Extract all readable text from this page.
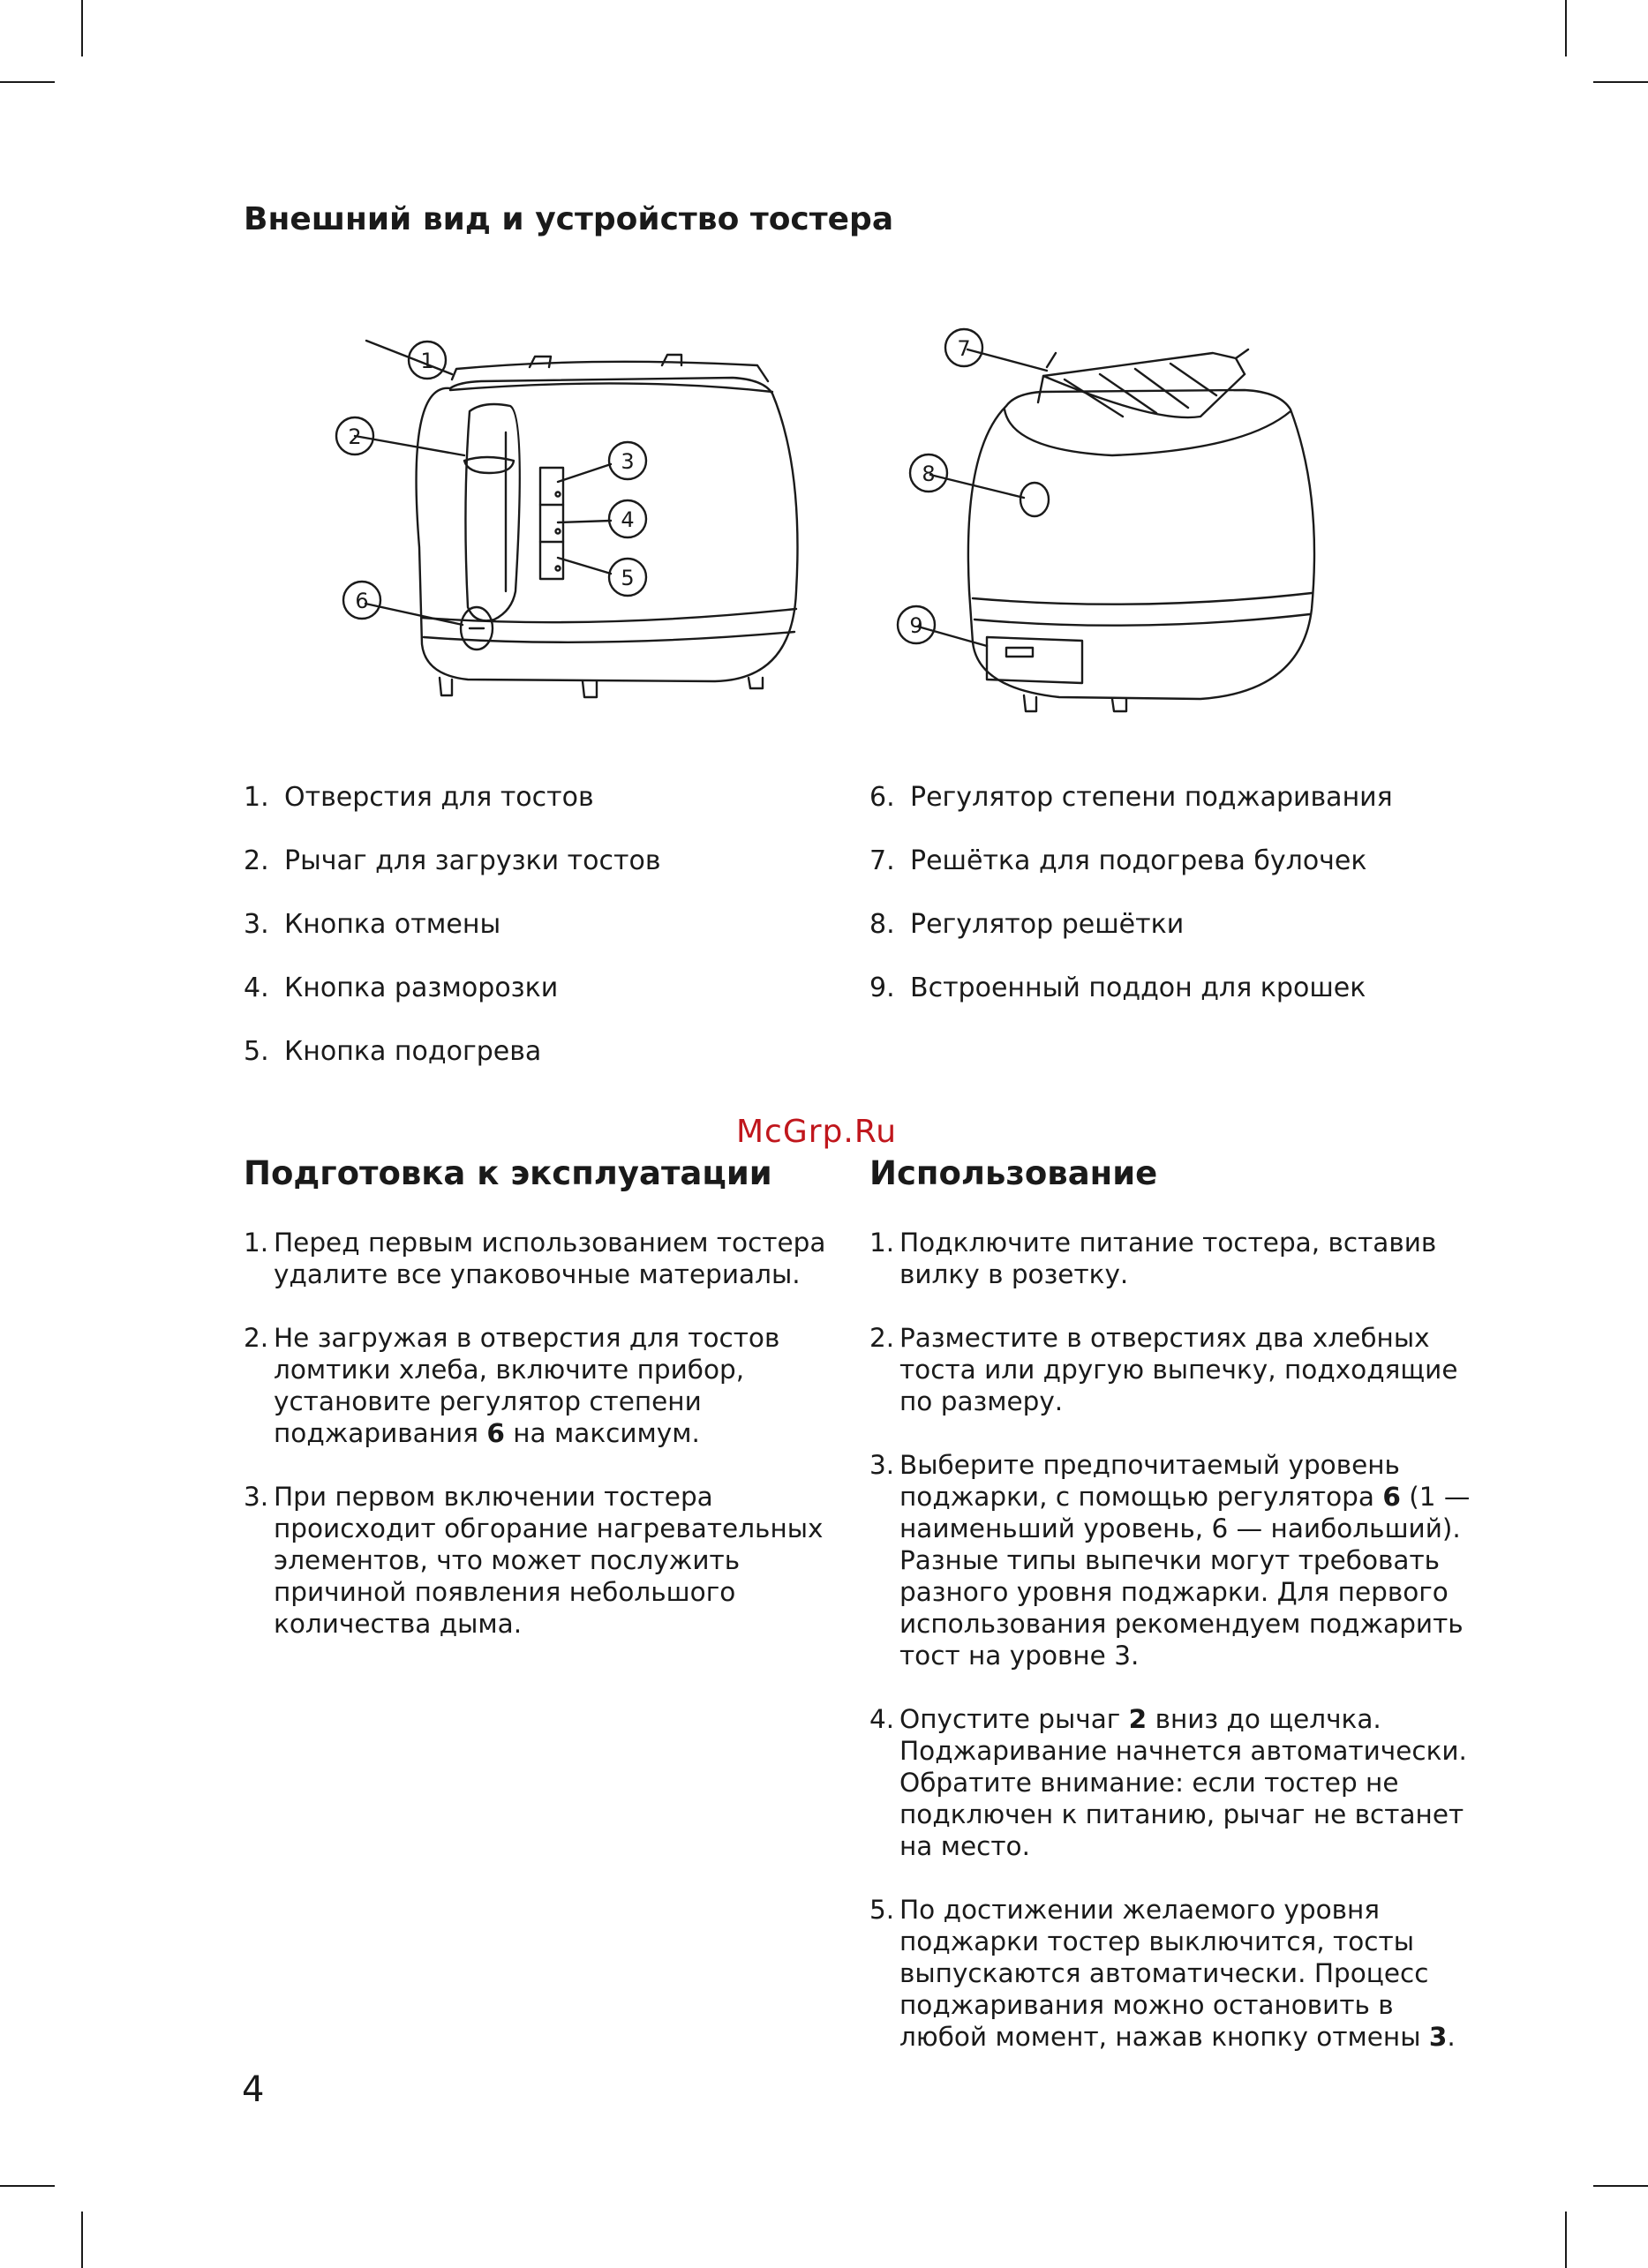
Внешний вид и устройство тостера
1
2
3
4
5
6
7
8
9
1. Отверстия для тостов
2. Рычаг для загрузки тостов
3. Кнопка отмены
4. Кнопка разморозки
5. Кнопка подогрева
6. Регулятор степени поджаривания
7. Решётка для подогрева булочек
8. Регулятор решётки
9. Встроенный поддон для крошек
McGrp.Ru
Подготовка к эксплуатации	Использование
1. Перед первым использованием тостера удалите все упаковочные материалы.
2. Не загружая в отверстия для тостов ломтики хлеба, включите прибор, установите регулятор степени поджаривания 6 на максимум.
3. При первом включении тостера происходит обгорание нагревательных элементов, что может послужить причиной появления небольшого количества дыма.
1. Подключите питание тостера, вставив вилку в розетку.
2. Разместите в отверстиях два хлебных тоста или другую выпечку, подходящие по размеру.
3. Выберите предпочитаемый уровень поджарки, с помощью регулятора 6 (1 — наименьший уровень, 6 — наибольший). Разные типы выпечки могут требовать разного уровня поджарки. Для первого использования рекомендуем поджарить тост на уровне 3.
4. Опустите рычаг 2 вниз до щелчка. Поджаривание начнется автоматически. Обратите внимание: если тостер не подключен к питанию, рычаг не встанет на место.
5. По достижении желаемого уровня поджарки тостер выключится, тосты выпускаются автоматически. Процесс поджаривания можно остановить в любой момент, нажав кнопку отмены 3.
4
